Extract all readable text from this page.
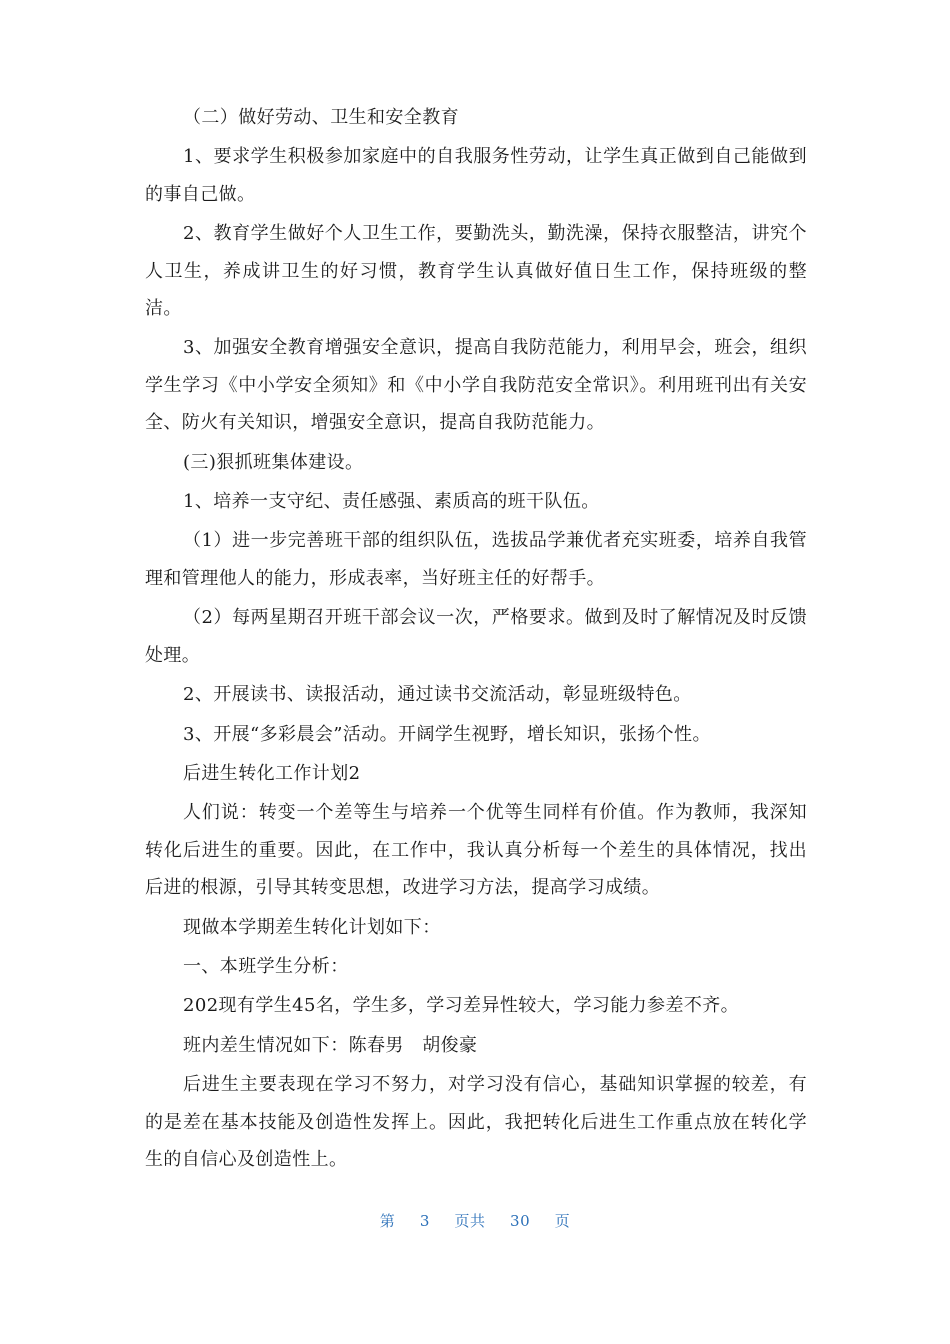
（二）做好劳动、卫生和安全教育

1、要求学生积极参加家庭中的自我服务性劳动，让学生真正做到自己能做到的事自己做。

2、教育学生做好个人卫生工作，要勤洗头，勤洗澡，保持衣服整洁，讲究个人卫生，养成讲卫生的好习惯，教育学生认真做好值日生工作，保持班级的整洁。

3、加强安全教育增强安全意识，提高自我防范能力，利用早会，班会，组织学生学习《中小学安全须知》和《中小学自我防范安全常识》。利用班刊出有关安全、防火有关知识，增强安全意识，提高自我防范能力。

(三)狠抓班集体建设。

1、培养一支守纪、责任感强、素质高的班干队伍。

（1）进一步完善班干部的组织队伍，选拔品学兼优者充实班委，培养自我管理和管理他人的能力，形成表率，当好班主任的好帮手。

（2）每两星期召开班干部会议一次，严格要求。做到及时了解情况及时反馈处理。

2、开展读书、读报活动，通过读书交流活动，彰显班级特色。

3、开展“多彩晨会”活动。开阔学生视野，增长知识，张扬个性。

后进生转化工作计划2

人们说：转变一个差等生与培养一个优等生同样有价值。作为教师，我深知转化后进生的重要。因此，在工作中，我认真分析每一个差生的具体情况，找出后进的根源，引导其转变思想，改进学习方法，提高学习成绩。

现做本学期差生转化计划如下：

一、本班学生分析：

202现有学生45名，学生多，学习差异性较大，学习能力参差不齐。

班内差生情况如下：陈春男　胡俊豪

后进生主要表现在学习不努力，对学习没有信心，基础知识掌握的较差，有的是差在基本技能及创造性发挥上。因此，我把转化后进生工作重点放在转化学生的自信心及创造性上。

第 3 页共 30 页
